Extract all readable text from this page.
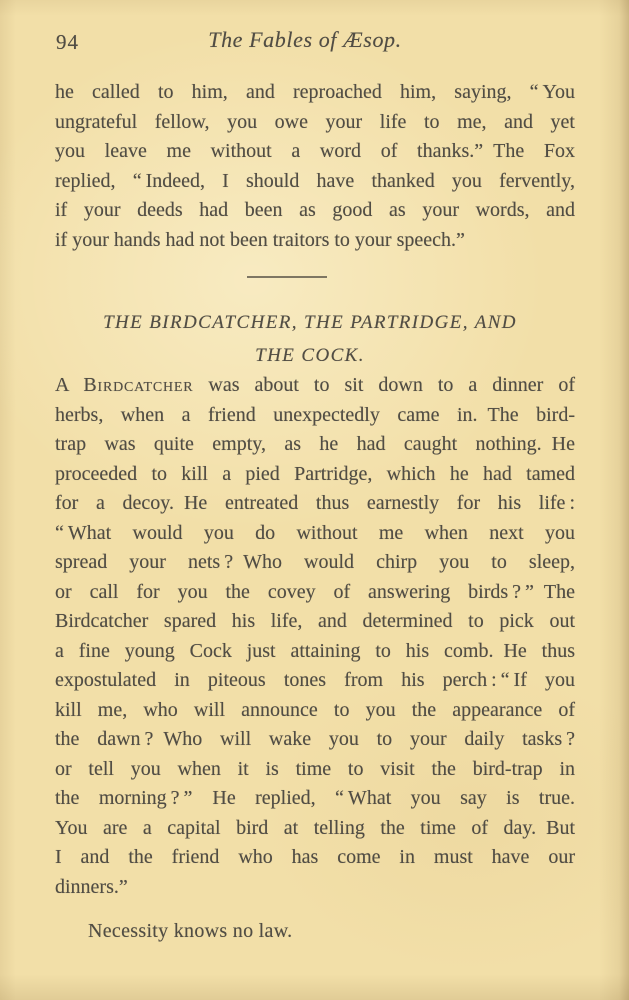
94	The Fables of Æsop.
he called to him, and reproached him, saying, “ You
ungrateful fellow, you owe your life to me, and yet
you leave me without a word of thanks.” The Fox
replied, “ Indeed, I should have thanked you fervently,
if your deeds had been as good as your words, and
if your hands had not been traitors to your speech.”
THE BIRDCATCHER, THE PARTRIDGE, AND
THE COCK.
A Birdcatcher was about to sit down to a dinner of
herbs, when a friend unexpectedly came in. The bird-
trap was quite empty, as he had caught nothing. He
proceeded to kill a pied Partridge, which he had tamed
for a decoy. He entreated thus earnestly for his life :
“ What would you do without me when next you
spread your nets ? Who would chirp you to sleep,
or call for you the covey of answering birds ? ” The
Birdcatcher spared his life, and determined to pick out
a fine young Cock just attaining to his comb. He thus
expostulated in piteous tones from his perch : “ If you
kill me, who will announce to you the appearance of
the dawn ? Who will wake you to your daily tasks ?
or tell you when it is time to visit the bird-trap in
the morning ? ”  He replied, “ What you say is true.
You are a capital bird at telling the time of day. But
I and the friend who has come in must have our
dinners.”
Necessity knows no law.
